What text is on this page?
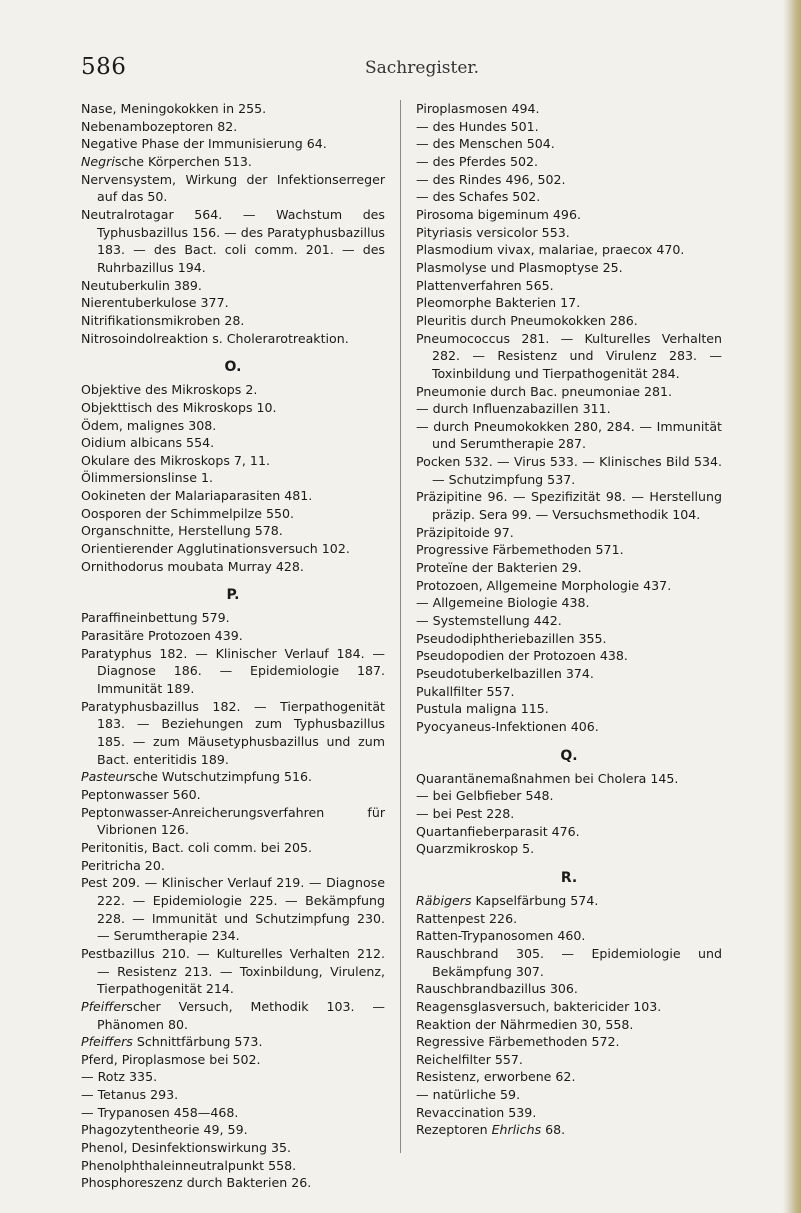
586	Sachregister.

Nase, Meningokokken in 255.

Nebenambozeptoren 82.

Negative Phase der Immunisierung 64.

Negrische Körperchen 513.

Nervensystem, Wirkung der Infektionserreger auf das 50.

Neutralrotagar 564. — Wachstum des Typhusbazillus 156. — des Paratyphusbazillus 183. — des Bact. coli comm. 201. — des Ruhrbazillus 194.

Neutuberkulin 389.

Nierentuberkulose 377.

Nitrifikationsmikroben 28.

Nitrosoindolreaktion s. Cholerarotreaktion.

O.

Objektive des Mikroskops 2.

Objekttisch des Mikroskops 10.

Ödem, malignes 308.

Oidium albicans 554.

Okulare des Mikroskops 7, 11.

Ölimmersionslinse 1.

Ookineten der Malariaparasiten 481.

Oosporen der Schimmelpilze 550.

Organschnitte, Herstellung 578.

Orientierender Agglutinationsversuch 102.

Ornithodorus moubata Murray 428.

P.

Paraffineinbettung 579.

Parasitäre Protozoen 439.

Paratyphus 182. — Klinischer Verlauf 184. — Diagnose 186. — Epidemiologie 187. Immunität 189.

Paratyphusbazillus 182. — Tierpathogenität 183. — Beziehungen zum Typhusbazillus 185. — zum Mäusetyphusbazillus und zum Bact. enteritidis 189.

Pasteursche Wutschutzimpfung 516.

Peptonwasser 560.

Peptonwasser-Anreicherungsverfahren für Vibrionen 126.

Peritonitis, Bact. coli comm. bei 205.

Peritricha 20.

Pest 209. — Klinischer Verlauf 219. — Diagnose 222. — Epidemiologie 225. — Bekämpfung 228. — Immunität und Schutzimpfung 230. — Serumtherapie 234.

Pestbazillus 210. — Kulturelles Verhalten 212. — Resistenz 213. — Toxinbildung, Virulenz, Tierpathogenität 214.

Pfeifferscher Versuch, Methodik 103. — Phänomen 80.

Pfeiffers Schnittfärbung 573.

Pferd, Piroplasmose bei 502.

— Rotz 335.

— Tetanus 293.

— Trypanosen 458—468.

Phagozytentheorie 49, 59.

Phenol, Desinfektionswirkung 35.

Phenolphthaleinneutralpunkt 558.

Phosphoreszenz durch Bakterien 26.

Piroplasmosen 494.

— des Hundes 501.

— des Menschen 504.

— des Pferdes 502.

— des Rindes 496, 502.

— des Schafes 502.

Pirosoma bigeminum 496.

Pityriasis versicolor 553.

Plasmodium vivax, malariae, praecox 470.

Plasmolyse und Plasmoptyse 25.

Plattenverfahren 565.

Pleomorphe Bakterien 17.

Pleuritis durch Pneumokokken 286.

Pneumococcus 281. — Kulturelles Verhalten 282. — Resistenz und Virulenz 283. — Toxinbildung und Tierpathogenität 284.

Pneumonie durch Bac. pneumoniae 281.

— durch Influenzabazillen 311.

— durch Pneumokokken 280, 284. — Immunität und Serumtherapie 287.

Pocken 532. — Virus 533. — Klinisches Bild 534. — Schutzimpfung 537.

Präzipitine 96. — Spezifizität 98. — Herstellung präzip. Sera 99. — Versuchsmethodik 104.

Präzipitoide 97.

Progressive Färbemethoden 571.

Proteïne der Bakterien 29.

Protozoen, Allgemeine Morphologie 437.

— Allgemeine Biologie 438.

— Systemstellung 442.

Pseudodiphtheriebazillen 355.

Pseudopodien der Protozoen 438.

Pseudotuberkelbazillen 374.

Pukallfilter 557.

Pustula maligna 115.

Pyocyaneus-Infektionen 406.

Q.

Quarantänemaßnahmen bei Cholera 145.

— bei Gelbfieber 548.

— bei Pest 228.

Quartanfieberparasit 476.

Quarzmikroskop 5.

R.

Räbigers Kapselfärbung 574.

Rattenpest 226.

Ratten-Trypanosomen 460.

Rauschbrand 305. — Epidemiologie und Bekämpfung 307.

Rauschbrandbazillus 306.

Reagensglasversuch, baktericider 103.

Reaktion der Nährmedien 30, 558.

Regressive Färbemethoden 572.

Reichelfilter 557.

Resistenz, erworbene 62.

— natürliche 59.

Revaccination 539.

Rezeptoren Ehrlichs 68.
